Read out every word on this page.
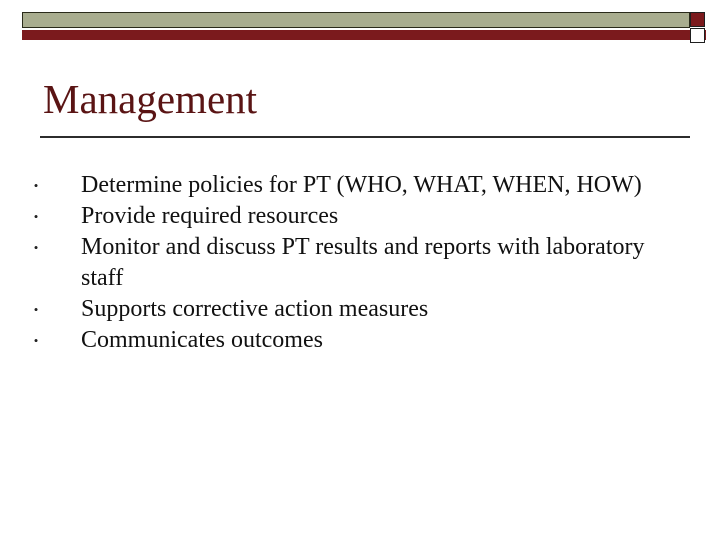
Management
• Determine policies for PT (WHO, WHAT, WHEN, HOW)
• Provide required resources
• Monitor and discuss PT results and reports with laboratory staff
• Supports corrective action measures
• Communicates outcomes
